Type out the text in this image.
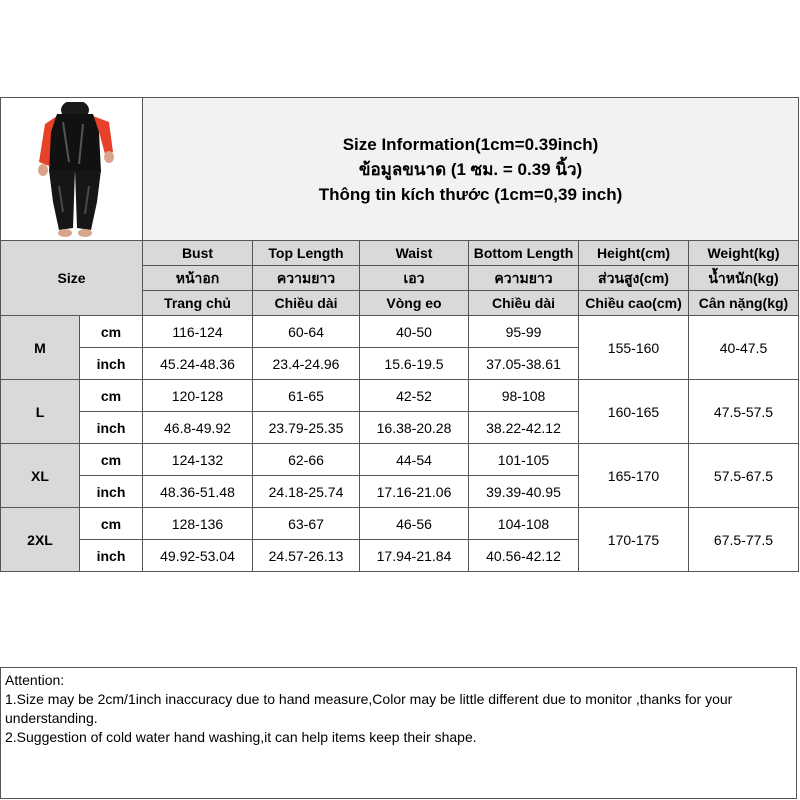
Size Information(1cm=0.39inch)
ข้อมูลขนาด (1 ซม. = 0.39 นิ้ว)
Thông tin kích thước (1cm=0,39 inch)					

Size		Bust	Top Length	Waist	Bottom Length	Height(cm)	Weight(kg)
		หน้าอก	ความยาว	เอว	ความยาว	ส่วนสูง(cm)	น้ำหนัก(kg)
		Trang chủ	Chiều dài	Vòng eo	Chiều dài	Chiều cao(cm)	Cân nặng(kg)
M	cm	116-124	60-64	40-50	95-99	155-160	40-47.5
	inch	45.24-48.36	23.4-24.96	15.6-19.5	37.05-38.61		
L	cm	120-128	61-65	42-52	98-108	160-165	47.5-57.5
	inch	46.8-49.92	23.79-25.35	16.38-20.28	38.22-42.12		
XL	cm	124-132	62-66	44-54	101-105	165-170	57.5-67.5
	inch	48.36-51.48	24.18-25.74	17.16-21.06	39.39-40.95		
2XL	cm	128-136	63-67	46-56	104-108	170-175	67.5-77.5
	inch	49.92-53.04	24.57-26.13	17.94-21.84	40.56-42.12		

Attention:

1.Size may be 2cm/1inch inaccuracy due to hand measure,Color may be little different due to monitor ,thanks for your understanding.

2.Suggestion of cold water hand washing,it can help items keep their shape.
